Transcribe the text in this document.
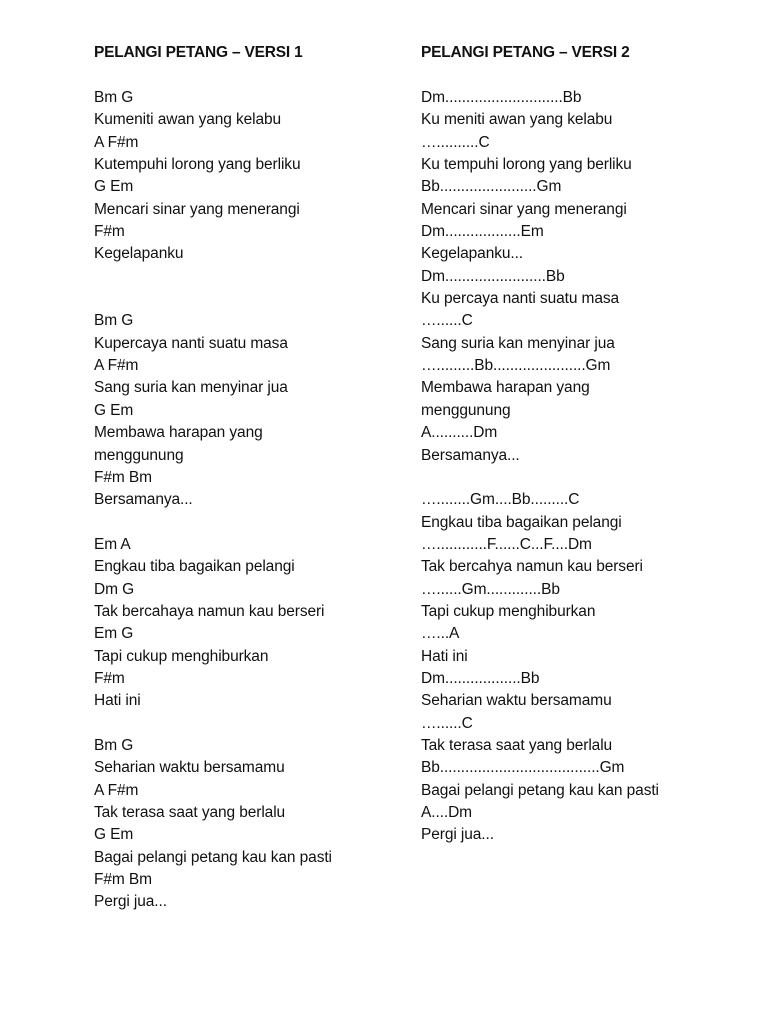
PELANGI PETANG – VERSI 1
Bm G
Kumeniti awan yang kelabu
A F#m
Kutempuhi lorong yang berliku
G Em
Mencari sinar yang menerangi
F#m
Kegelapanku
Bm G
Kupercaya nanti suatu masa
A F#m
Sang suria kan menyinar jua
G Em
Membawa harapan yang
menggunung
F#m Bm
Bersamanya...
Em A
Engkau tiba bagaikan pelangi
Dm G
Tak bercahaya namun kau berseri
Em G
Tapi cukup menghiburkan
F#m
Hati ini
Bm G
Seharian waktu bersamamu
A F#m
Tak terasa saat yang berlalu
G Em
Bagai pelangi petang kau kan pasti
F#m Bm
Pergi jua...
PELANGI PETANG – VERSI 2
Dm............................Bb
Ku meniti awan yang kelabu
…..........C
Ku tempuhi lorong yang berliku
Bb.......................Gm
Mencari sinar yang menerangi
Dm..................Em
Kegelapanku...
Dm........................Bb
Ku percaya nanti suatu masa
…......C
Sang suria kan menyinar jua
….........Bb......................Gm
Membawa harapan yang
menggunung
A..........Dm
Bersamanya...
…........Gm....Bb.........C
Engkau tiba bagaikan pelangi
…............F......C...F....Dm
Tak bercahya namun kau berseri
…......Gm.............Bb
Tapi cukup menghiburkan
…...A
Hati ini
Dm..................Bb
Seharian waktu bersamamu
…......C
Tak terasa saat yang berlalu
Bb......................................Gm
Bagai pelangi petang kau kan pasti
A....Dm
Pergi jua...
